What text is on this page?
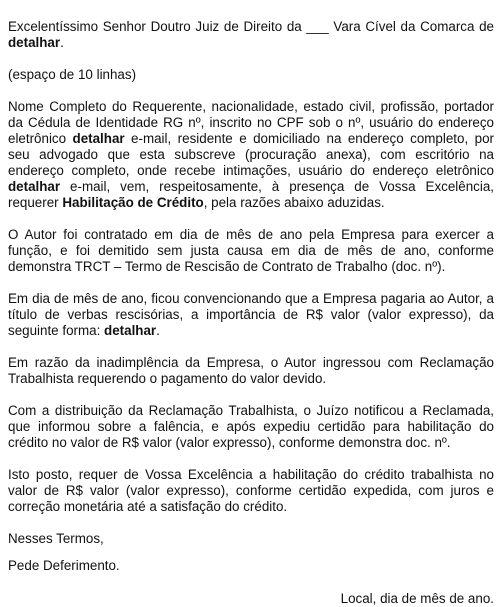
Excelentíssimo Senhor Doutro Juiz de Direito da ___ Vara Cível da Comarca de detalhar.

(espaço de 10 linhas)

Nome Completo do Requerente, nacionalidade, estado civil, profissão, portador da Cédula de Identidade RG nº, inscrito no CPF sob o nº, usuário do endereço eletrônico detalhar e-mail, residente e domiciliado na endereço completo, por seu advogado que esta subscreve (procuração anexa), com escritório na endereço completo, onde recebe intimações, usuário do endereço eletrônico detalhar e-mail, vem, respeitosamente, à presença de Vossa Excelência, requerer Habilitação de Crédito, pela razões abaixo aduzidas.

O Autor foi contratado em dia de mês de ano pela Empresa para exercer a função, e foi demitido sem justa causa em dia de mês de ano, conforme demonstra TRCT – Termo de Rescisão de Contrato de Trabalho (doc. nº).

Em dia de mês de ano, ficou convencionando que a Empresa pagaria ao Autor, a título de verbas rescisórias, a importância de R$ valor (valor expresso), da seguinte forma: detalhar.

Em razão da inadimplência da Empresa, o Autor ingressou com Reclamação Trabalhista requerendo o pagamento do valor devido.

Com a distribuição da Reclamação Trabalhista, o Juízo notificou a Reclamada, que informou sobre a falência, e após expediu certidão para habilitação do crédito no valor de R$ valor (valor expresso), conforme demonstra doc. nº.

Isto posto, requer de Vossa Excelência a habilitação do crédito trabalhista no valor de R$ valor (valor expresso), conforme certidão expedida, com juros e correção monetária até a satisfação do crédito.

Nesses Termos,

Pede Deferimento.

Local, dia de mês de ano.
